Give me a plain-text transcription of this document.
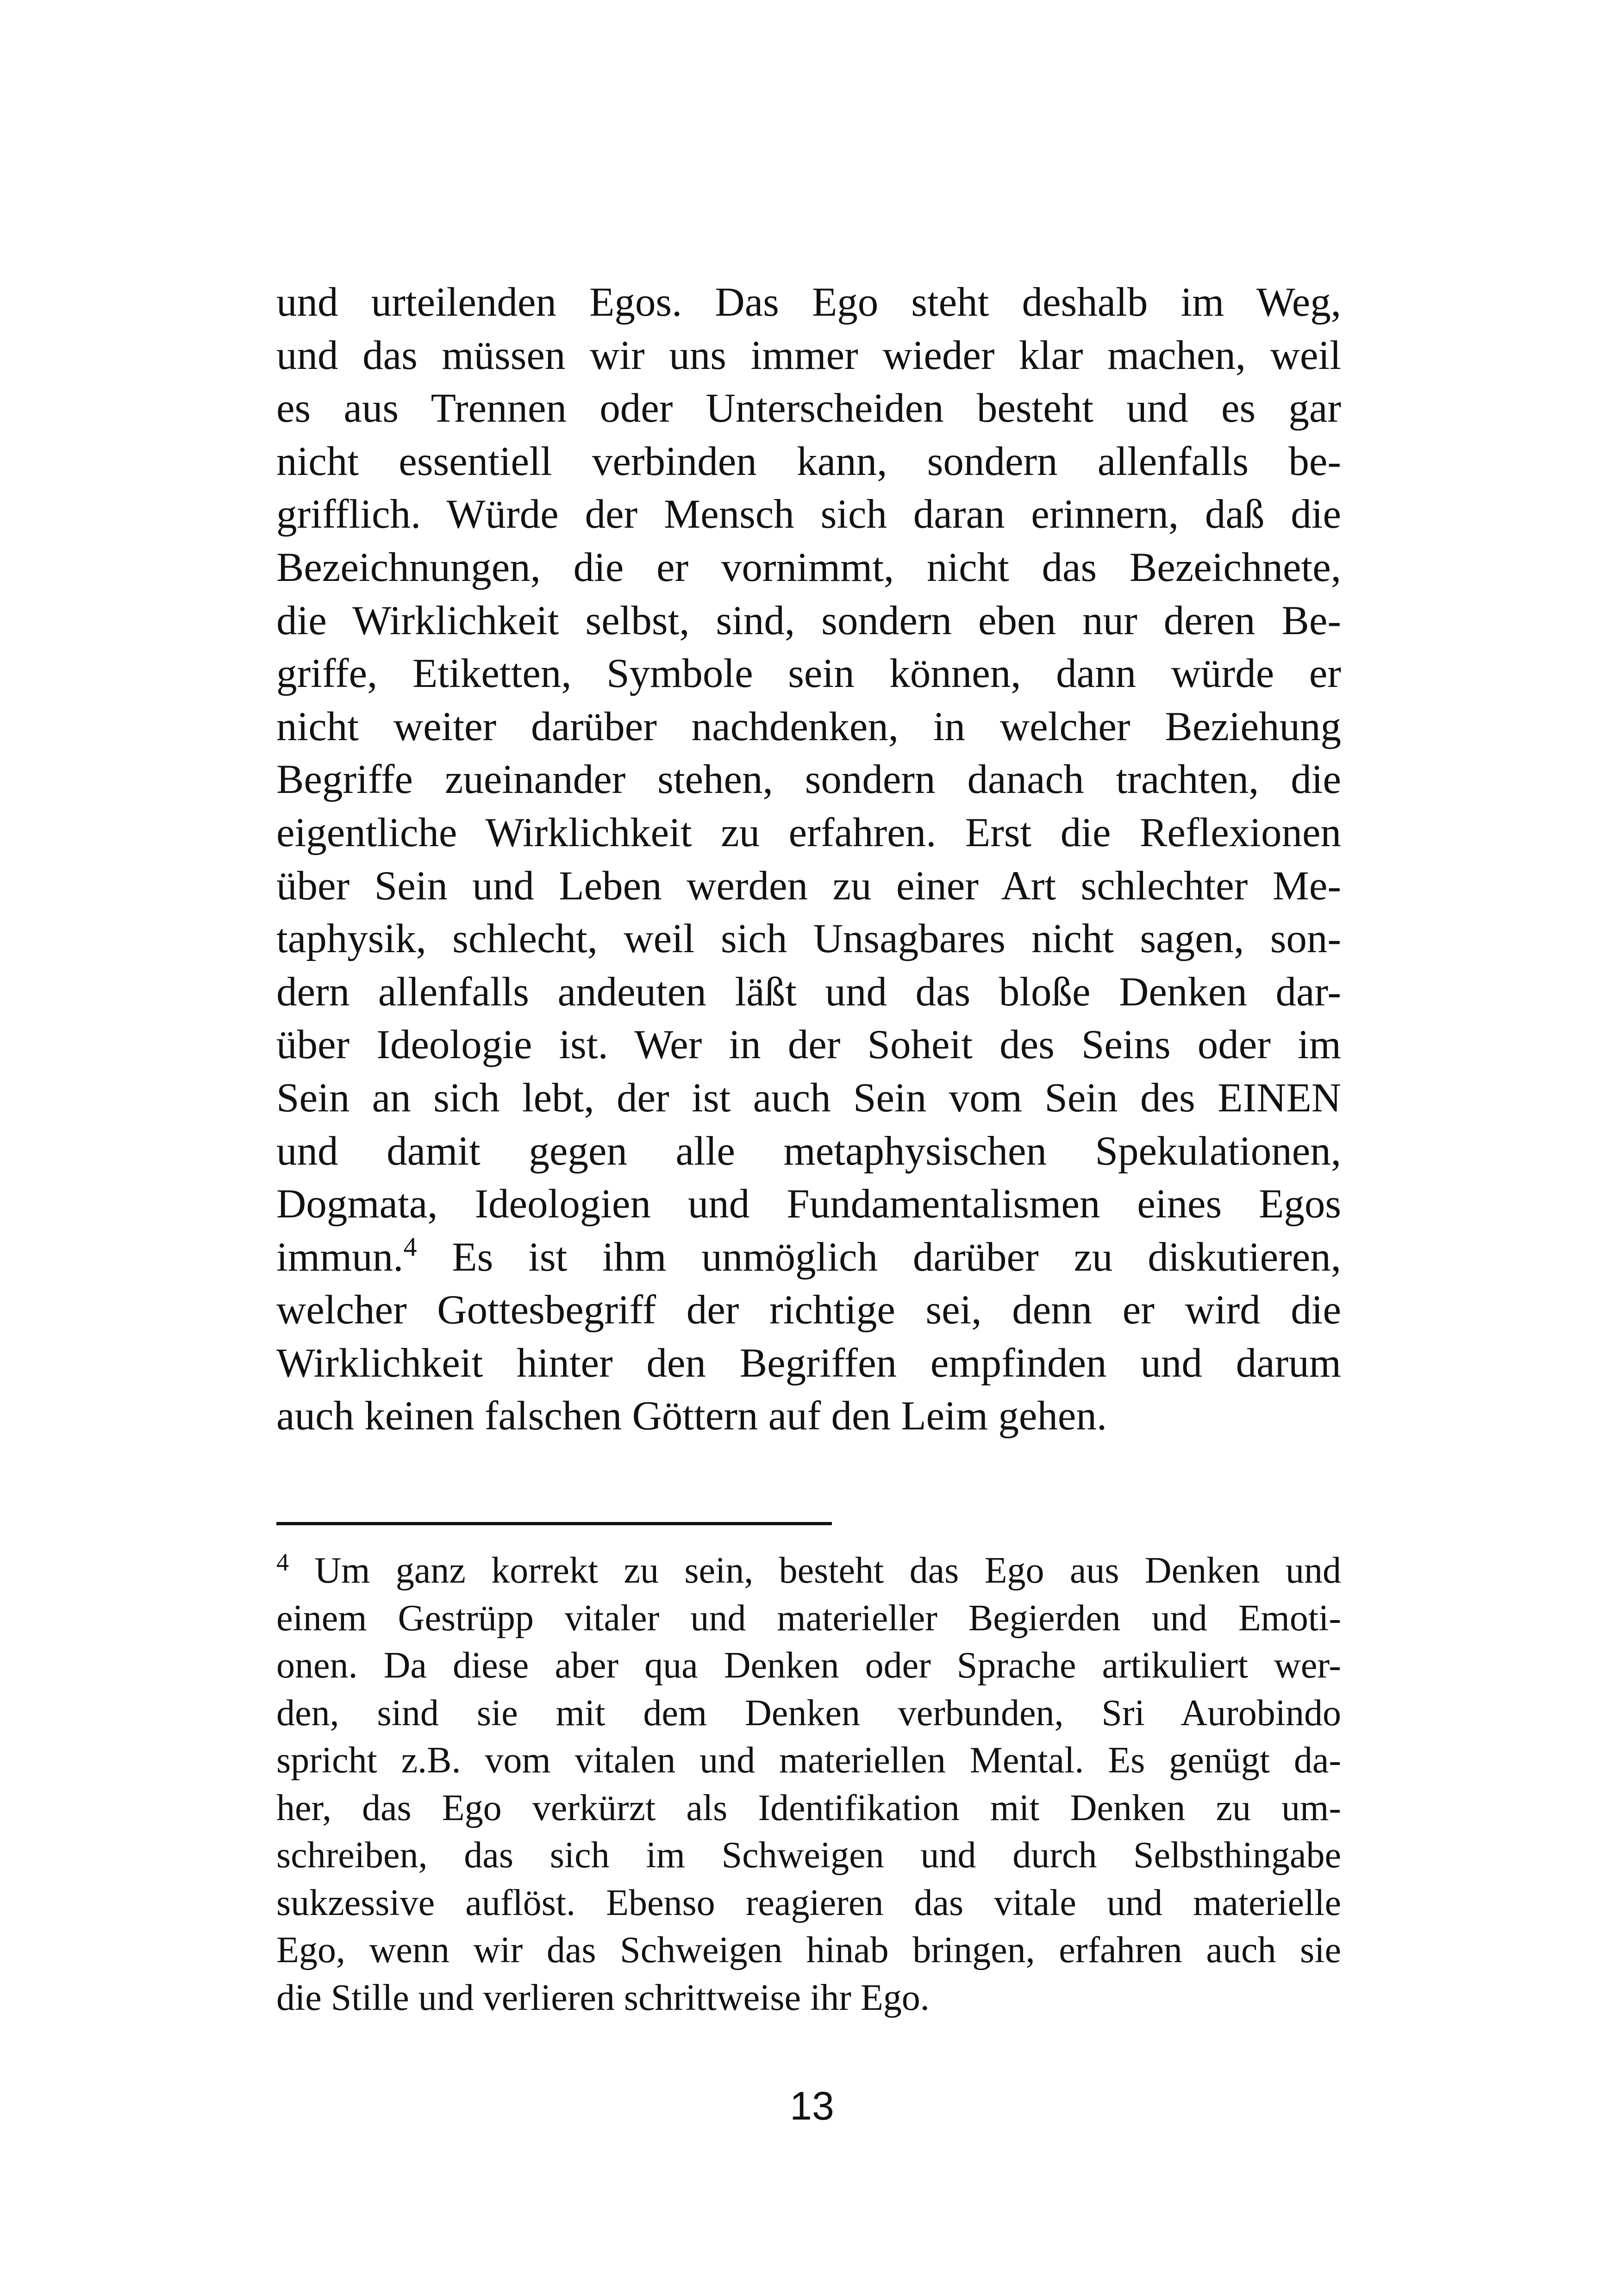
und urteilenden Egos. Das Ego steht deshalb im Weg,
und das müssen wir uns immer wieder klar machen, weil
es aus Trennen oder Unterscheiden besteht und es gar
nicht essentiell verbinden kann, sondern allenfalls be-
grifflich. Würde der Mensch sich daran erinnern, daß die
Bezeichnungen, die er vornimmt, nicht das Bezeichnete,
die Wirklichkeit selbst, sind, sondern eben nur deren Be-
griffe, Etiketten, Symbole sein können, dann würde er
nicht weiter darüber nachdenken, in welcher Beziehung
Begriffe zueinander stehen, sondern danach trachten, die
eigentliche Wirklichkeit zu erfahren. Erst die Reflexionen
über Sein und Leben werden zu einer Art schlechter Me-
taphysik, schlecht, weil sich Unsagbares nicht sagen, son-
dern allenfalls andeuten läßt und das bloße Denken dar-
über Ideologie ist. Wer in der Soheit des Seins oder im
Sein an sich lebt, der ist auch Sein vom Sein des EINEN
und damit gegen alle metaphysischen Spekulationen,
Dogmata, Ideologien und Fundamentalismen eines Egos
immun.$^4$ Es ist ihm unmöglich darüber zu diskutieren,
welcher Gottesbegriff der richtige sei, denn er wird die
Wirklichkeit hinter den Begriffen empfinden und darum
auch keinen falschen Göttern auf den Leim gehen.
$^4$ Um ganz korrekt zu sein, besteht das Ego aus Denken und
einem Gestrüpp vitaler und materieller Begierden und Emoti-
onen. Da diese aber qua Denken oder Sprache artikuliert wer-
den, sind sie mit dem Denken verbunden, Sri Aurobindo
spricht z.B. vom vitalen und materiellen Mental. Es genügt da-
her, das Ego verkürzt als Identifikation mit Denken zu um-
schreiben, das sich im Schweigen und durch Selbsthingabe
sukzessive auflöst. Ebenso reagieren das vitale und materielle
Ego, wenn wir das Schweigen hinab bringen, erfahren auch sie
die Stille und verlieren schrittweise ihr Ego.
13
